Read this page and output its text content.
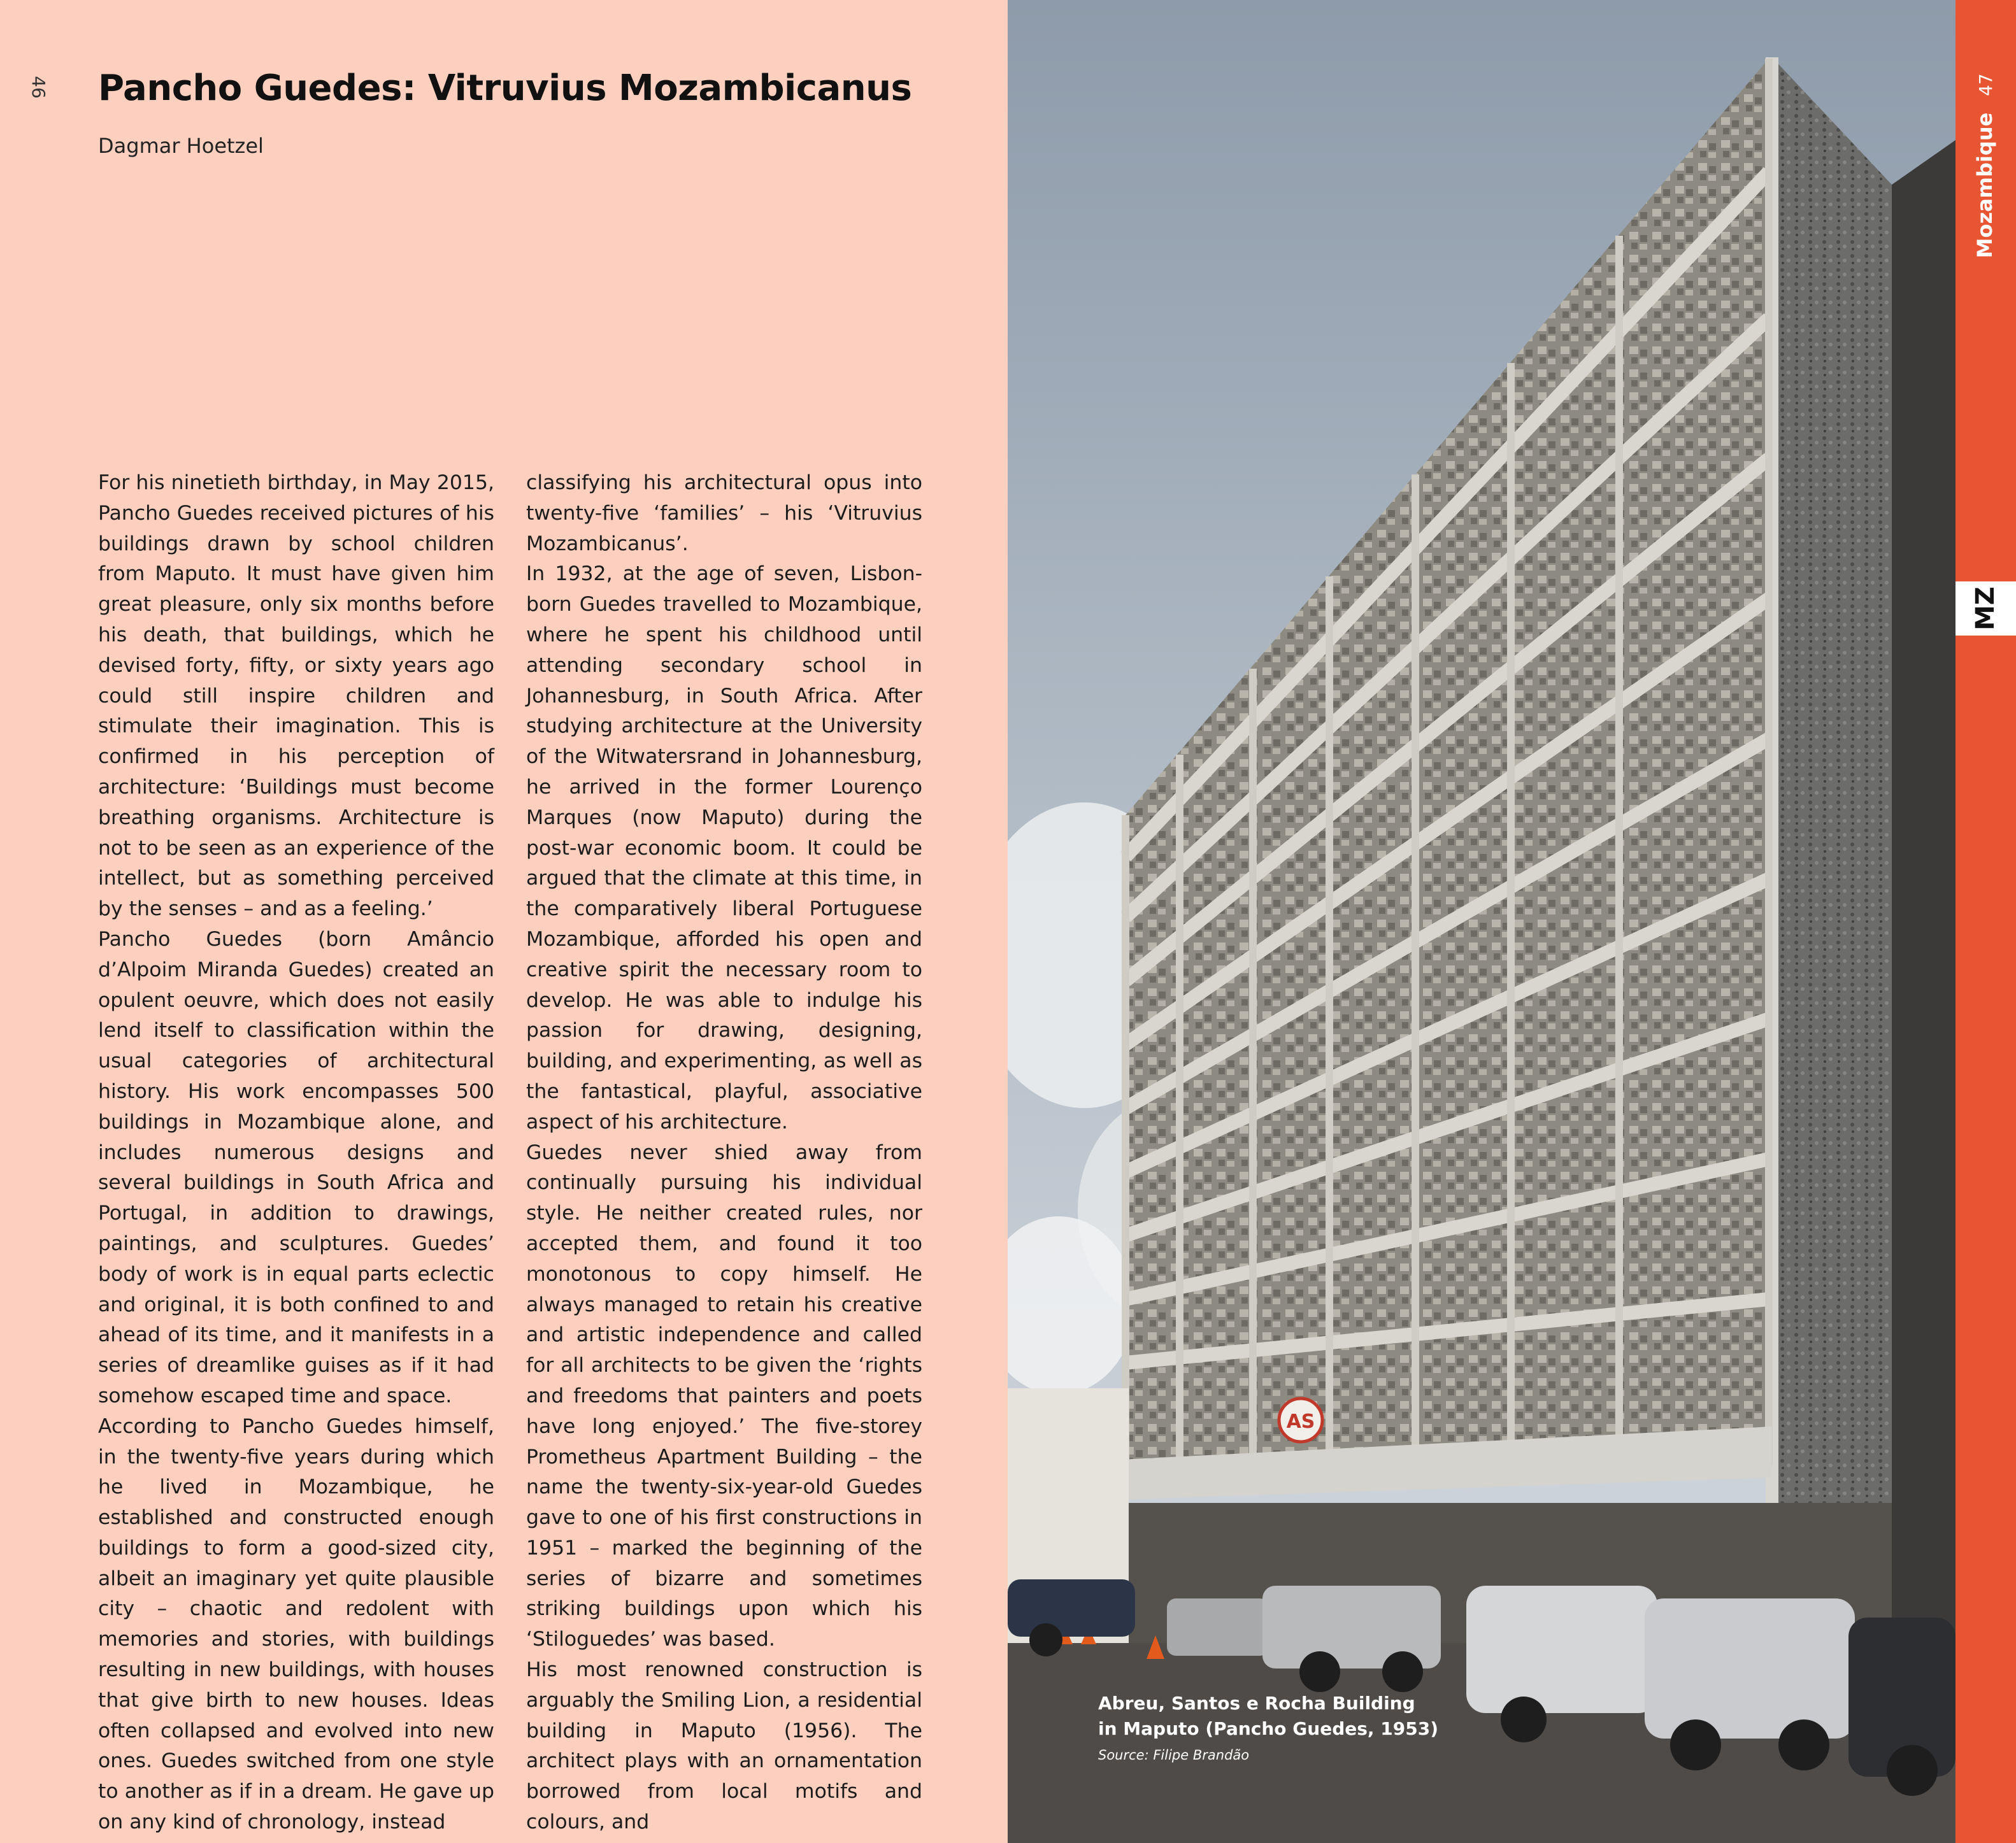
46 Pancho Guedes: Vitruvius Mozambicanus
Dagmar Hoetzel

For his ninetieth birthday, in May 2015, Pancho Guedes received pictures of his buildings drawn by school children from Maputo. It must have given him great pleasure, only six months before his death, that buildings, which he devised forty, fifty, or sixty years ago could still inspire children and stimulate their imagination. This is confirmed in his perception of architecture: ‘Buildings must become breathing organisms. Architecture is not to be seen as an experience of the intellect, but as something perceived by the senses – and as a feeling.’

Pancho Guedes (born Amâncio d’Alpoim Miranda Guedes) created an opulent oeuvre, which does not easily lend itself to classification within the usual categories of architectural history. His work encompasses 500 buildings in Mozambique alone, and includes numerous designs and several buildings in South Africa and Portugal, in addition to drawings, paintings, and sculptures. Guedes’ body of work is in equal parts eclectic and original, it is both confined to and ahead of its time, and it manifests in a series of dreamlike guises as if it had somehow escaped time and space.

According to Pancho Guedes himself, in the twenty-five years during which he lived in Mozambique, he established and constructed enough buildings to form a good-sized city, albeit an imaginary yet quite plausible city – chaotic and redolent with memories and stories, with buildings resulting in new buildings, with houses that give birth to new houses. Ideas often collapsed and evolved into new ones. Guedes switched from one style to another as if in a dream. He gave up on any kind of chronology, instead

classifying his architectural opus into twenty-five ‘families’ – his ‘Vitruvius Mozambicanus’.

In 1932, at the age of seven, Lisbon-born Guedes travelled to Mozambique, where he spent his childhood until attending secondary school in Johannesburg, in South Africa. After studying architecture at the University of the Witwatersrand in Johannesburg, he arrived in the former Lourenço Marques (now Maputo) during the post-war economic boom. It could be argued that the climate at this time, in the comparatively liberal Portuguese Mozambique, afforded his open and creative spirit the necessary room to develop. He was able to indulge his passion for drawing, designing, building, and experimenting, as well as the fantastical, playful, associative aspect of his architecture.

Guedes never shied away from continually pursuing his individual style. He neither created rules, nor accepted them, and found it too monotonous to copy himself. He always managed to retain his creative and artistic independence and called for all architects to be given the ‘rights and freedoms that painters and poets have long enjoyed.’ The five-storey Prometheus Apartment Building – the name the twenty-six-year-old Guedes gave to one of his first constructions in 1951 – marked the beginning of the series of bizarre and sometimes striking buildings upon which his ‘Stiloguedes’ was based.

His most renowned construction is arguably the Smiling Lion, a residential building in Maputo (1956). The architect plays with an ornamentation borrowed from local motifs and colours, and

AS
Abreu, Santos e Rocha Building
in Maputo (Pancho Guedes, 1953)
Source: Filipe Brandão
47
Mozambique
MZ
